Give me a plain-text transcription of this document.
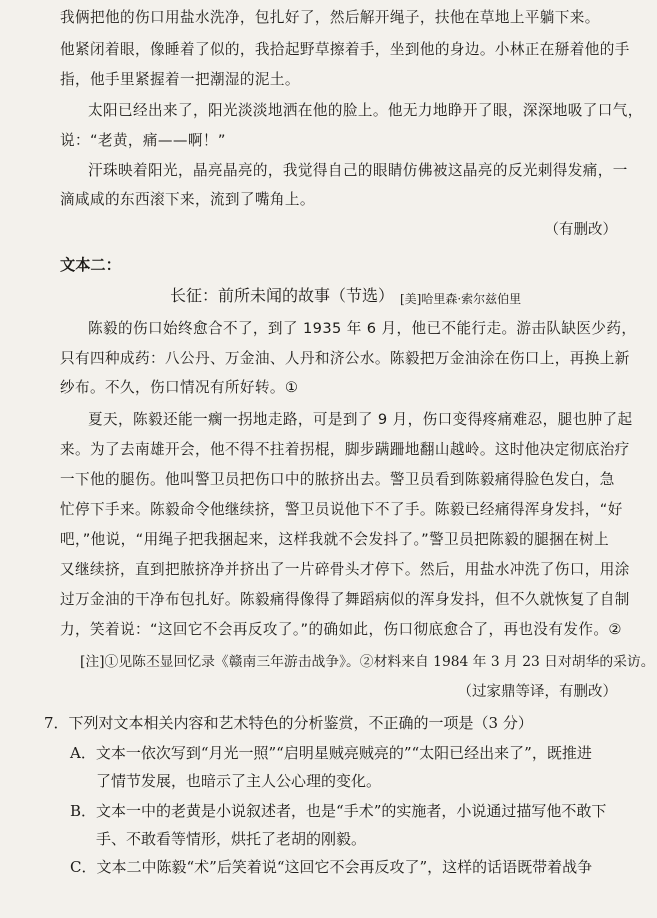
我俩把他的伤口用盐水洗净，包扎好了，然后解开绳子，扶他在草地上平躺下来。
他紧闭着眼，像睡着了似的，我拾起野草擦着手，坐到他的身边。小林正在掰着他的手
指，他手里紧握着一把潮湿的泥土。
太阳已经出来了，阳光淡淡地洒在他的脸上。他无力地睁开了眼，深深地吸了口气，
说：“老黄，痛——啊！”
汗珠映着阳光，晶亮晶亮的，我觉得自己的眼睛仿佛被这晶亮的反光刺得发痛，一
滴咸咸的东西滚下来，流到了嘴角上。
（有删改）
文本二：
长征：前所未闻的故事（节选） [美]哈里森·索尔兹伯里
陈毅的伤口始终愈合不了，到了 1935 年 6 月，他已不能行走。游击队缺医少药，
只有四种成药：八公丹、万金油、人丹和济公水。陈毅把万金油涂在伤口上，再换上新
纱布。不久，伤口情况有所好转。①
夏天，陈毅还能一瘸一拐地走路，可是到了 9 月，伤口变得疼痛难忍，腿也肿了起
来。为了去南雄开会，他不得不拄着拐棍，脚步蹒跚地翻山越岭。这时他决定彻底治疗
一下他的腿伤。他叫警卫员把伤口中的脓挤出去。警卫员看到陈毅痛得脸色发白，急
忙停下手来。陈毅命令他继续挤，警卫员说他下不了手。陈毅已经痛得浑身发抖，“好
吧，”他说，“用绳子把我捆起来，这样我就不会发抖了。”警卫员把陈毅的腿捆在树上
又继续挤，直到把脓挤净并挤出了一片碎骨头才停下。然后，用盐水冲洗了伤口，用涂
过万金油的干净布包扎好。陈毅痛得像得了舞蹈病似的浑身发抖，但不久就恢复了自制
力，笑着说：“这回它不会再反攻了。”的确如此，伤口彻底愈合了，再也没有发作。②
[注]①见陈丕显回忆录《赣南三年游击战争》。②材料来自 1984 年 3 月 23 日对胡华的采访。
（过家鼎等译，有删改）
7．下列对文本相关内容和艺术特色的分析鉴赏，不正确的一项是（3 分）
A．文本一依次写到“月光一照”“启明星贼亮贼亮的”“太阳已经出来了”，既推进
了情节发展，也暗示了主人公心理的变化。
B．文本一中的老黄是小说叙述者，也是“手术”的实施者，小说通过描写他不敢下
手、不敢看等情形，烘托了老胡的刚毅。
C．文本二中陈毅“术”后笑着说“这回它不会再反攻了”，这样的话语既带着战争
